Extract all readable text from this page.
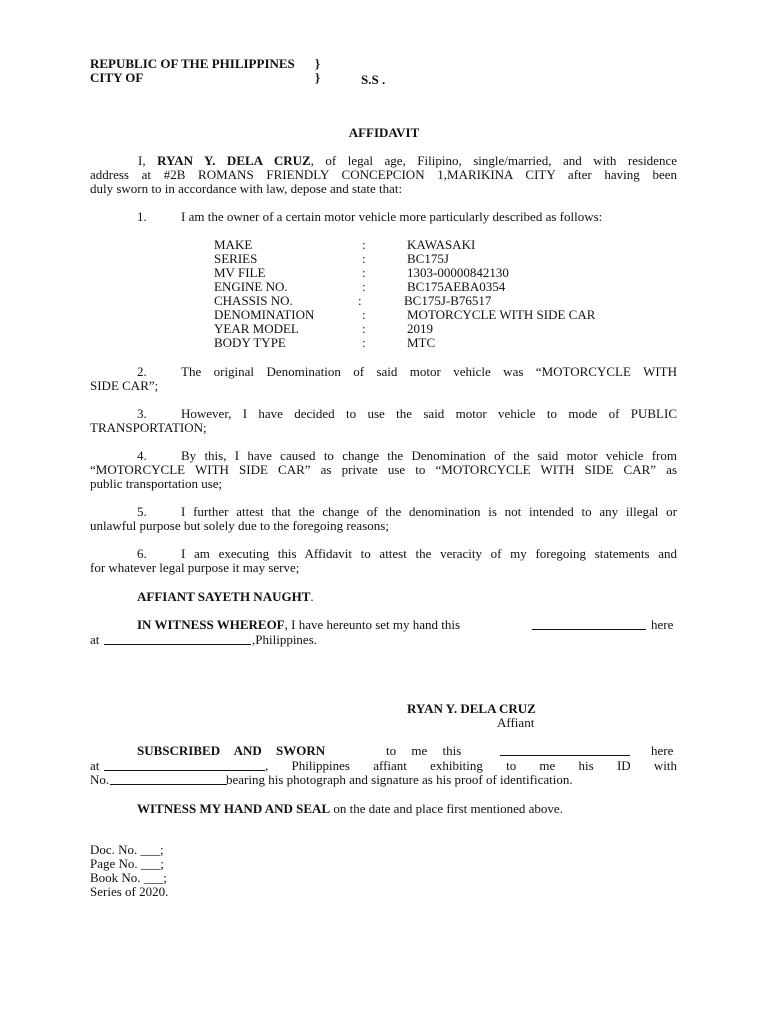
REPUBLIC OF THE PHILIPPINES }
CITY OF	}	S.S .
AFFIDAVIT
I, RYAN Y. DELA CRUZ, of legal age, Filipino, single/married, and with residence
address at #2B ROMANS FRIENDLY CONCEPCION 1,MARIKINA CITY after having been
duly sworn to in accordance with law, depose and state that:
1.	I am the owner of a certain motor vehicle more particularly described as follows:
MAKE	:	KAWASAKI
SERIES	:	BC175J
MV FILE	:	1303-00000842130
ENGINE NO.	:	BC175AEBA0354
CHASSIS NO.	:	BC175J-B76517
DENOMINATION	:	MOTORCYCLE WITH SIDE CAR
YEAR MODEL	:	2019
BODY TYPE	:	MTC
2.	The original Denomination of said motor vehicle was “MOTORCYCLE WITH
SIDE CAR”;
3.	However, I have decided to use the said motor vehicle to mode of PUBLIC
TRANSPORTATION;
4.	By this, I have caused to change the Denomination of the said motor vehicle from
“MOTORCYCLE WITH SIDE CAR” as private use to “MOTORCYCLE WITH SIDE CAR” as
public transportation use;
5.	I further attest that the change of the denomination is not intended to any illegal or
unlawful purpose but solely due to the foregoing reasons;
6.	I am executing this Affidavit to attest the veracity of my foregoing statements and
for whatever legal purpose it may serve;
AFFIANT SAYETH NAUGHT.
IN WITNESS WHEREOF, I have hereunto set my hand this	here
at	,Philippines.
RYAN Y. DELA CRUZ
Affiant
SUBSCRIBED AND SWORN	to me this	here
at	, Philippines affiant exhibiting to me his ID with
No.	bearing his photograph and signature as his proof of identification.
WITNESS MY HAND AND SEAL on the date and place first mentioned above.
Doc. No. ___;
Page No. ___;
Book No. ___;
Series of 2020.
